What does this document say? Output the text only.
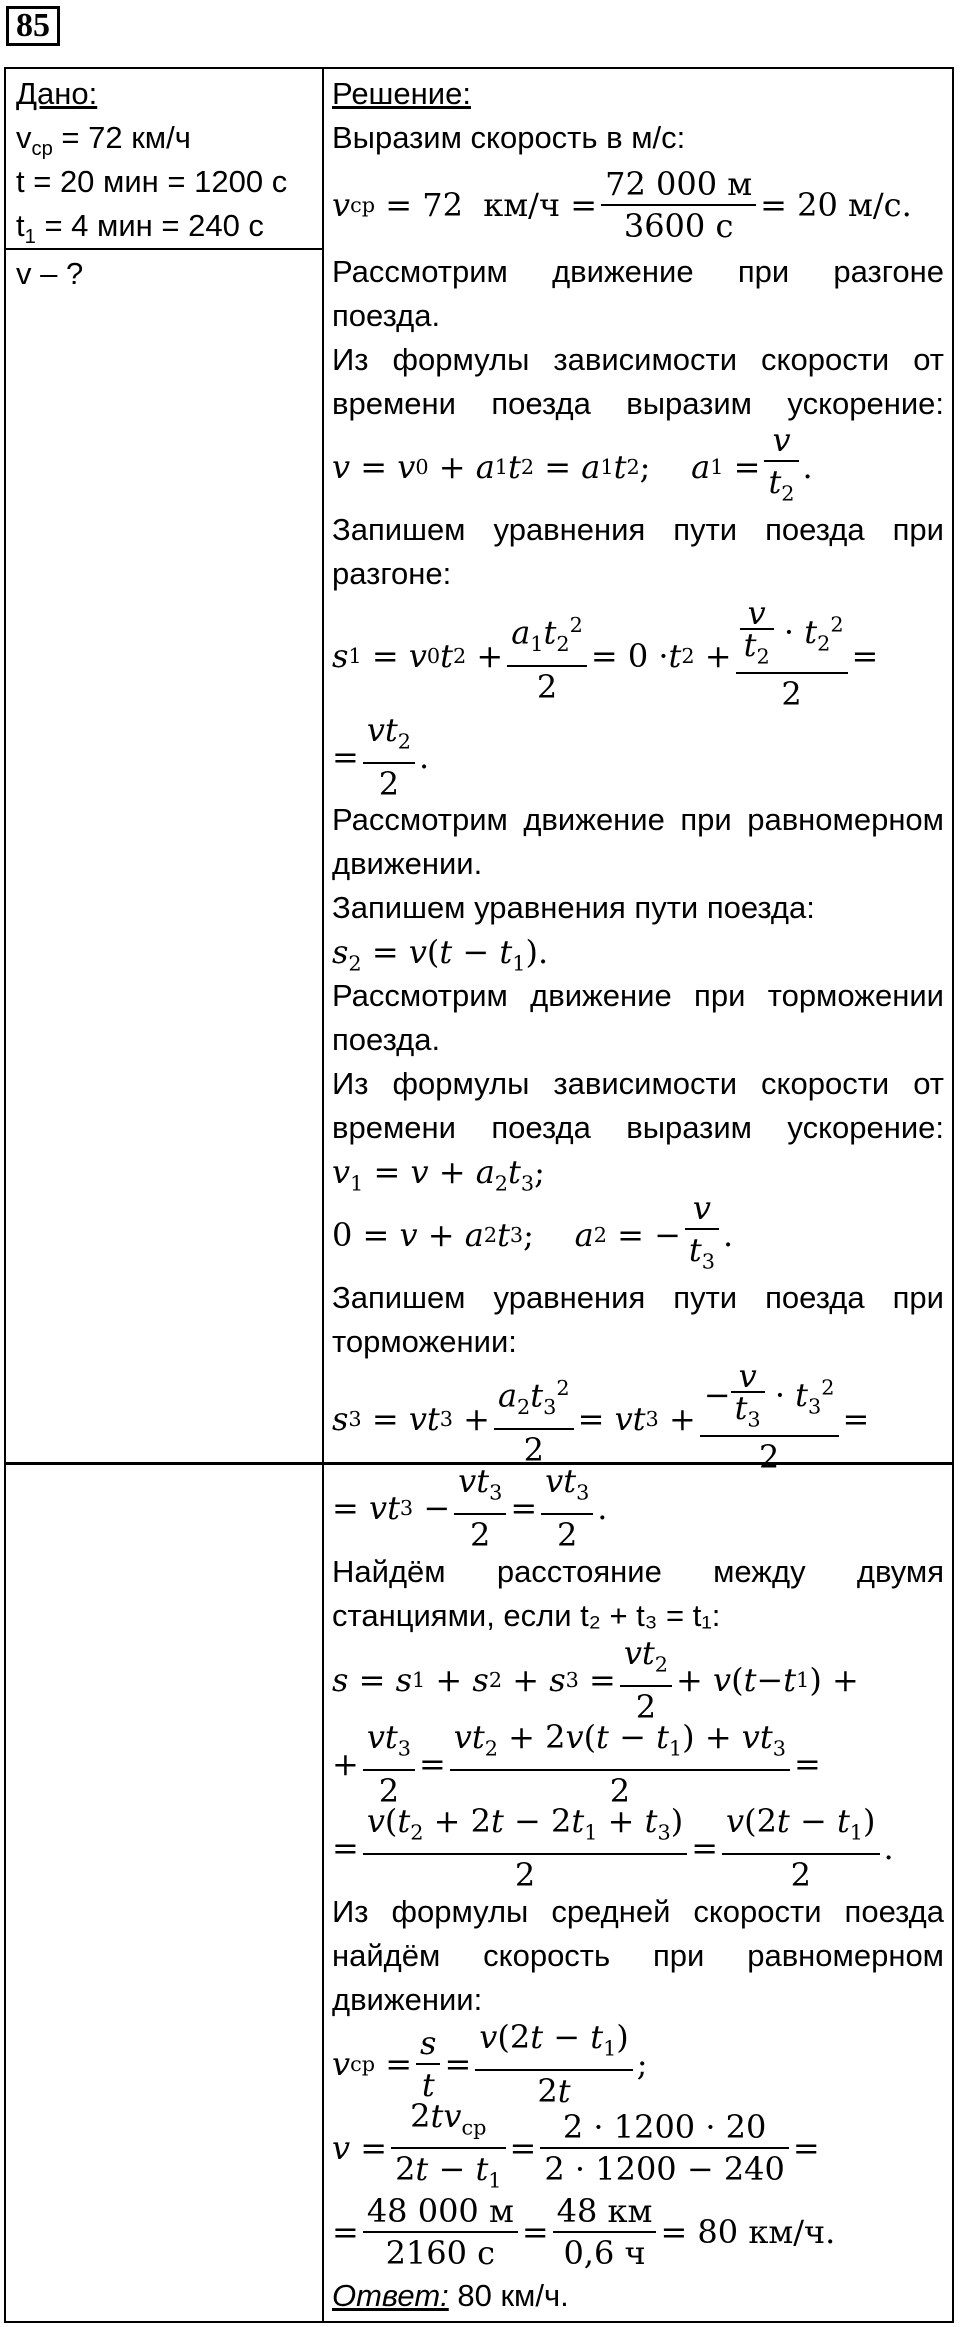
85
Дано:
$v_{ср} = 72$ км/ч
t = 20 мин = 1200 с
$t_1 = 4$ мин = 240 с
v – ?
Решение:
Выразим скорость в м/с:
v ср = 72  $км/ч = \frac{72 000 м}{3600 с} = 20$ м/с.
Рассмотрим движение при разгоне поезда.
Из формулы зависимости скорости от времени поезда выразим ускорение:
v = v 0 + a 1 t 2 = a 1 t 2 ; a $1 = \frac{v}{t_2}$ .
Запишем уравнения пути поезда при разгоне:
s 1 = v 0 t $2 + \frac{a_1t_2^2}{2} = 0 \cdot t$ $2 + \frac{\frac{v}{t_2} \cdot t_2^2}{2}$ =
= $\frac{vt_2}{2}$ .
Рассмотрим движение при равномерном движении.
Запишем уравнения пути поезда:
$s_2 = v(t - t_1)$.
Рассмотрим движение при торможении поезда.
Из формулы зависимости скорости от времени поезда выразим ускорение:
$v_1 = v + a_2t_3$;
0 = v + a 2 t 3 ; a 2 = − $\frac{v}{t_3}$ .
Запишем уравнения пути поезда при торможении:
s 3 = vt $3 + \frac{a_2t_3^2}{2}$ = vt $3 + \frac{- \frac{v}{t_3} \cdot t_3^2}{2}$ =
= vt $3 - \frac{vt_3}{2} = \frac{vt_3}{2}$ .
Найдём расстояние между двумя станциями, если t₂ + t₃ = t₁:
s = s 1 + s 2 + s $3 = \frac{vt_2}{2} + v$ ( t − t 1 ) +
+ $\frac{vt_3}{2} = \frac{vt_2 + 2v(t - t_1) + vt_3}{2}$ =
= $\frac{v(t_2 + 2t - 2t_1 + t_3)}{2} = \frac{v(2t - t_1)}{2}$ .
Из формулы средней скорости поезда найдём скорость при равномерном движении:
v ср = $\frac{s}{t} = \frac{v(2t - t_1)}{2t}$ ;
$v = \frac{2tv_{ср}}{2t - t_1} = \frac{2 \cdot 1200 \cdot 20}{2 \cdot 1200 - 240}$ =
= $\frac{48 000 м}{2160 с} = \frac{48 км}{0,6 ч} = 80$ км/ч.
Ответ: 80 км/ч.
